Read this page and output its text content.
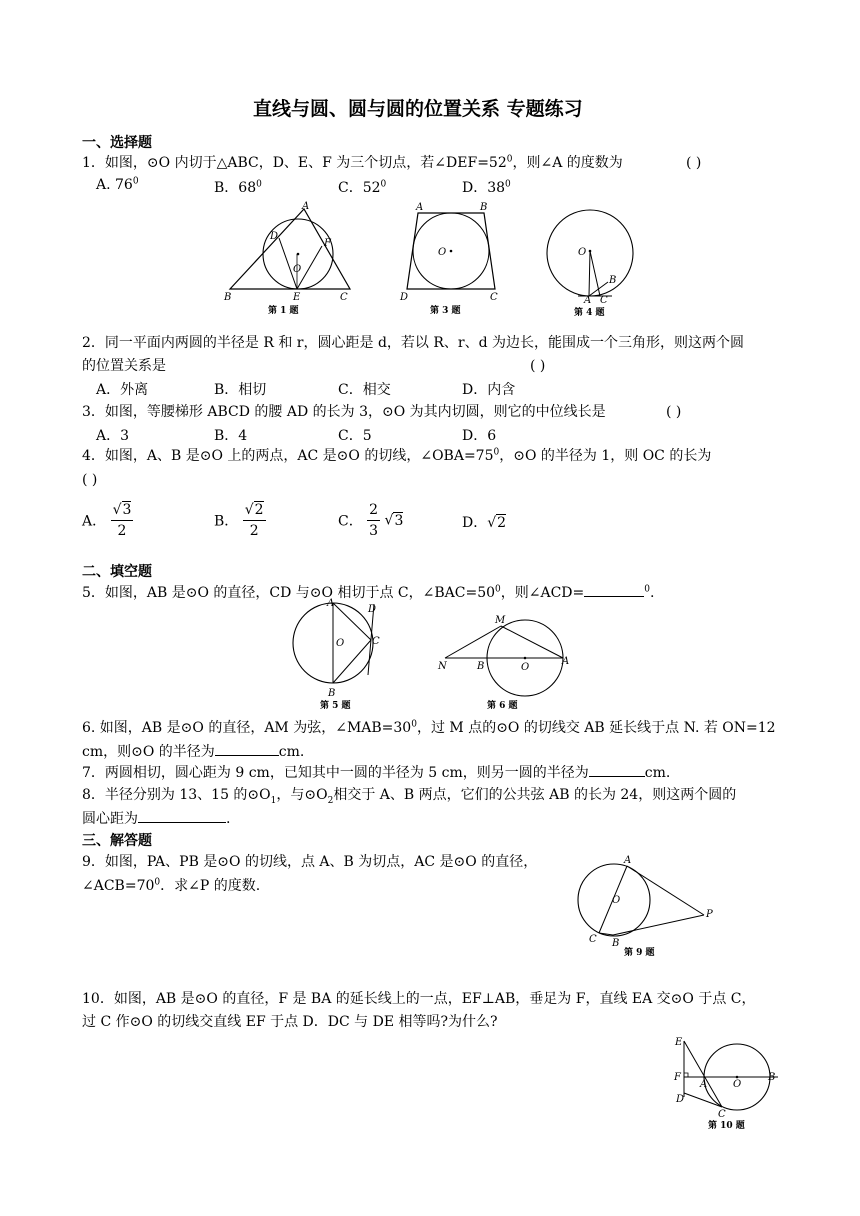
直线与圆、圆与圆的位置关系 专题练习
一、选择题
1．如图，⊙O 内切于△ABC，D、E、F 为三个切点，若$\angle DEF=52^0$，则∠A 的度数为	( )
A. $76^0$	B．$68^0$	C．$52^0$	D．$38^0$
A
B	C
D
E
F
O
第 1 题
A	B
C
D
O
第 3 题
O
B
A C
第 4 题
2．同一平面内两圆的半径是 R 和 r，圆心距是 d，若以 R、r、d 为边长，能围成一个三角形，则这两个圆
的位置关系是	( )
A．外离	B．相切	C．相交	D．内含
3．如图，等腰梯形 ABCD 的腰 AD 的长为 3，⊙O 为其内切圆，则它的中位线长是	( )
A．3	B．4	C．5	D．6
4．如图，A、B 是⊙O 上的两点，AC 是⊙O 的切线，$\angle OBA=75^0$，⊙O 的半径为 1，则 OC 的长为
( )
A． $\frac{√3}{2}$	B． $\frac{√2}{2}$	C． $\frac{2}{3} √3$	D．√2
二、填空题
5．如图，AB 是⊙O 的直径，CD 与⊙O 相切于点 C，$\angle BAC=50^0$，则∠ACD=	$^0$.
A
B
C
D
O
第 5 题
M
N	B	O
A
第 6 题
6. 如图，AB 是⊙O 的直径，AM 为弦，$\angle MAB=30^0$，过 M 点的⊙O 的切线交 AB 延长线于点 N. 若 ON=12
cm，则⊙O 的半径为	cm.
7．两圆相切，圆心距为 9 cm，已知其中一圆的半径为 5 cm，则另一圆的半径为	cm.
8．半径分别为 13、15 的$⊙O_1$，与$⊙O_2$相交于 A、B 两点，它们的公共弦 AB 的长为 24，则这两个圆的
圆心距为	.
三、解答题
9．如图，PA、PB 是⊙O 的切线，点 A、B 为切点，AC 是⊙O 的直径，
$\angle ACB=70^0$．求∠P 的度数.
A
B
C
O
P
第 9 题
10．如图，AB 是⊙O 的直径，F 是 BA 的延长线上的一点，EF⊥AB，垂足为 F，直线 EA 交⊙O 于点 C，
过 C 作⊙O 的切线交直线 EF 于点 D．DC 与 DE 相等吗?为什么?
E
F
A	O
B
D
C
第 10 题
